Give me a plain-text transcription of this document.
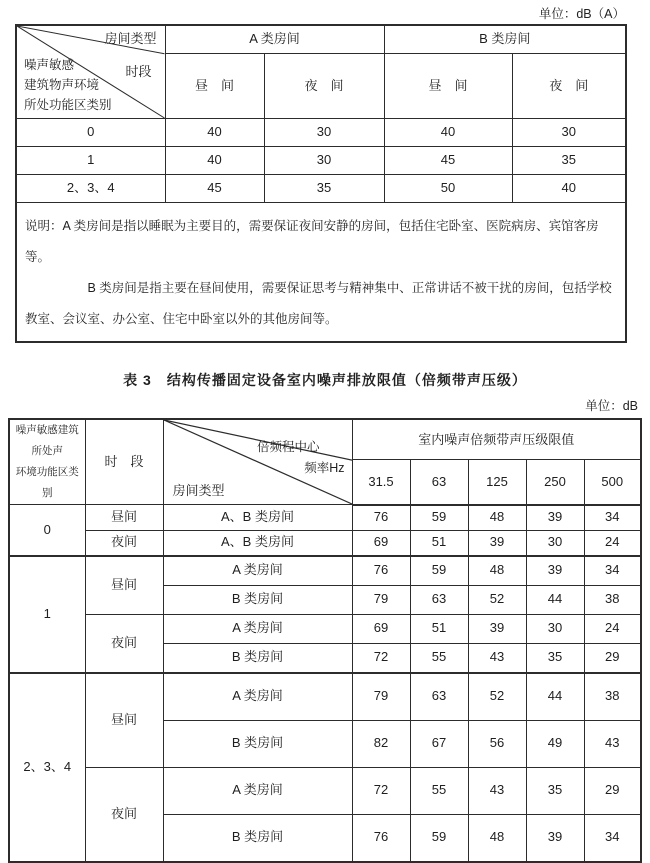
单位：dB（A）
房间类型
时段
噪声敏感
建筑物声环境
所处功能区类别	A 类房间		B 类房间	
	昼　间	夜　间	昼　间	夜　间
0	40	30	40	30
1	40	30	45	35
2、3、4	45	35	50	40

说明：A 类房间是指以睡眠为主要目的，需要保证夜间安静的房间，包括住宅卧室、医院病房、宾馆客房等。

B 类房间是指主要在昼间使用，需要保证思考与精神集中、正常讲话不被干扰的房间，包括学校教室、会议室、办公室、住宅中卧室以外的其他房间等。				

表 3　结构传播固定设备室内噪声排放限值（倍频带声压级）
单位：dB
噪声敏感建筑所处声
环境功能区类别
	时　段	
倍频程中心
频率Hz
房间类型
	室内噪声倍频带声压级限值
			31.5	63	125	250	500
0	昼间	A、B 类房间	76	59	48	39	34
	夜间	A、B 类房间	69	51	39	30	24
1	昼间	A 类房间	76	59	48	39	34
		B 类房间	79	63	52	44	38
	夜间	A 类房间	69	51	39	30	24
		B 类房间	72	55	43	35	29
2、3、4	昼间	A 类房间	79	63	52	44	38
		B 类房间	82	67	56	49	43
	夜间	A 类房间	72	55	43	35	29
		B 类房间	76	59	48	39	34
